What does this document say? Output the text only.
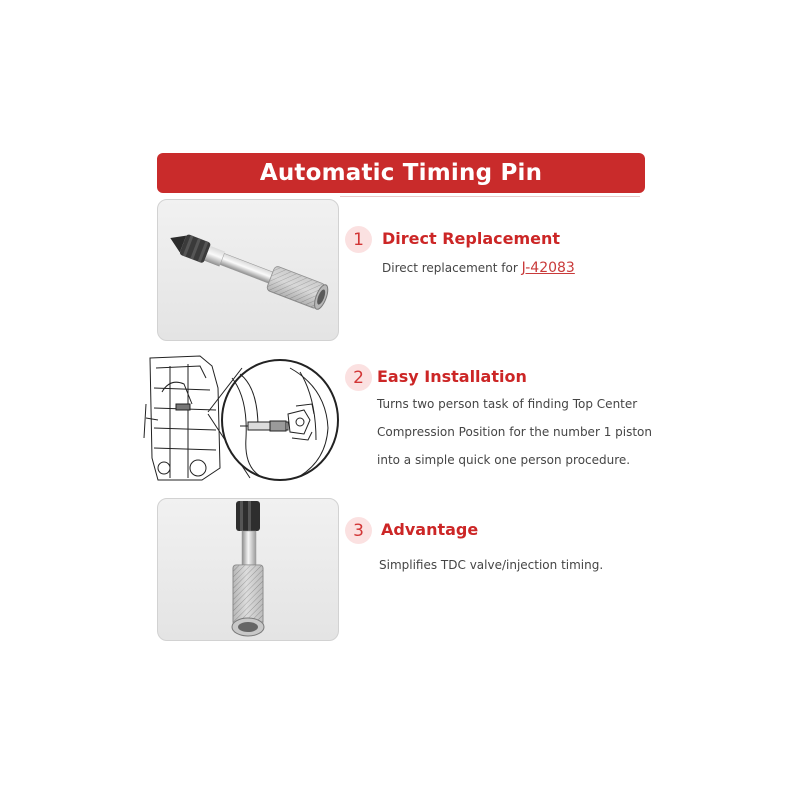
Automatic Timing Pin
1	Direct Replacement
Direct replacement for J-42083
2 Easy Installation
Turns two person task of finding Top Center
Compression Position for the number 1 piston
into a simple quick one person procedure.
3	Advantage
Simplifies TDC valve/injection timing.
